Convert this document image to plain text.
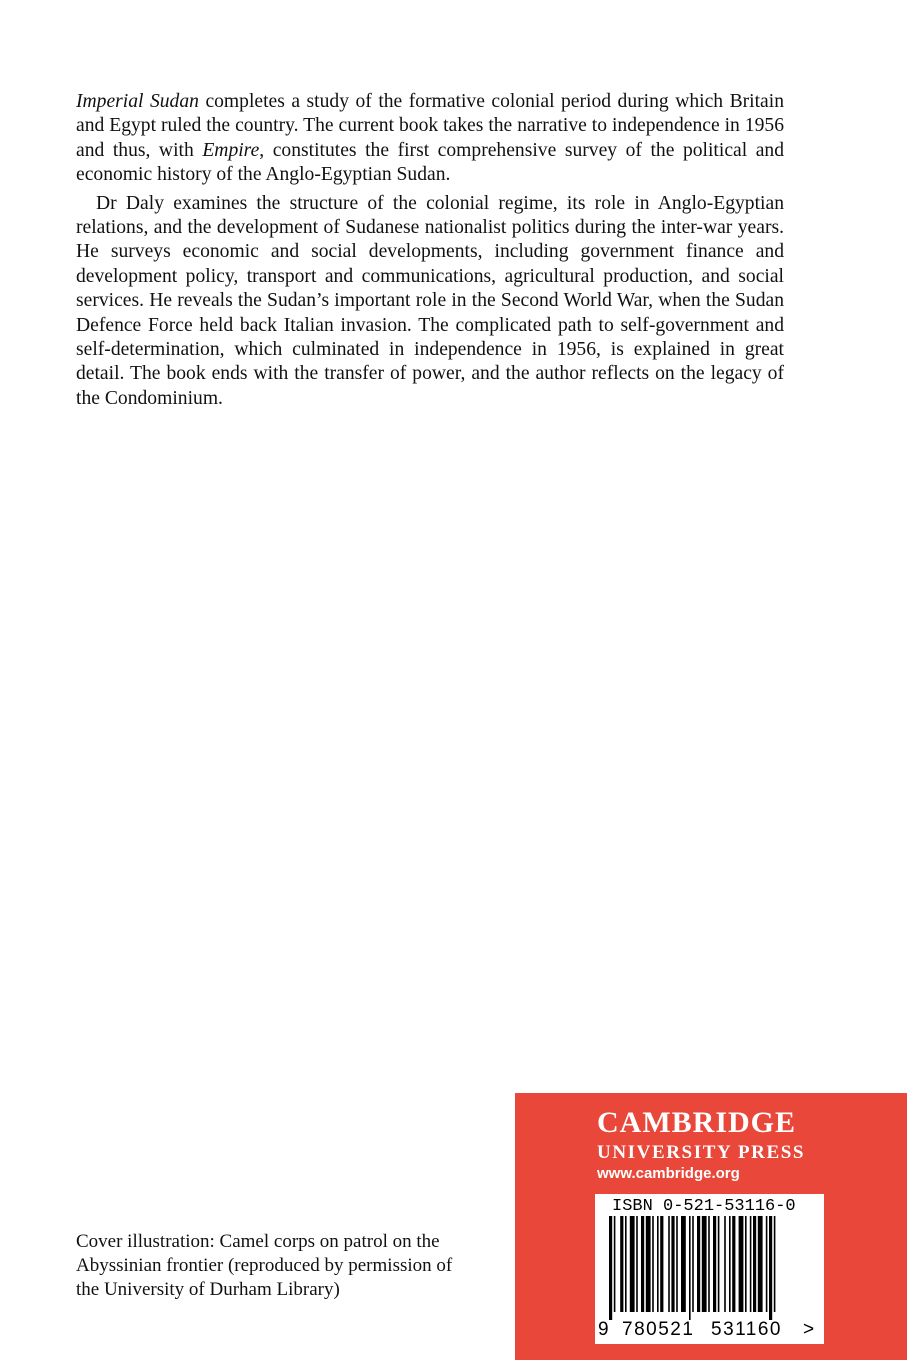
Imperial Sudan completes a study of the formative colonial period during which Britain and Egypt ruled the country. The current book takes the narrative to independence in 1956 and thus, with Empire, constitutes the first comprehensive survey of the political and economic history of the Anglo-Egyptian Sudan.

Dr Daly examines the structure of the colonial regime, its role in Anglo-Egyptian relations, and the development of Sudanese nationalist politics during the inter-war years. He surveys economic and social developments, including government finance and development policy, transport and communications, agricultural production, and social services. He reveals the Sudan’s important role in the Second World War, when the Sudan Defence Force held back Italian invasion. The complicated path to self-government and self-determination, which culminated in independence in 1956, is explained in great detail. The book ends with the transfer of power, and the author reflects on the legacy of the Condominium.

Cover illustration: Camel corps on patrol on the
Abyssinian frontier (reproduced by permission of
the University of Durham Library)
CAMBRIDGE
UNIVERSITY PRESS
www.cambridge.org
ISBN 0-521-53116-0
9 780521 531160 >
